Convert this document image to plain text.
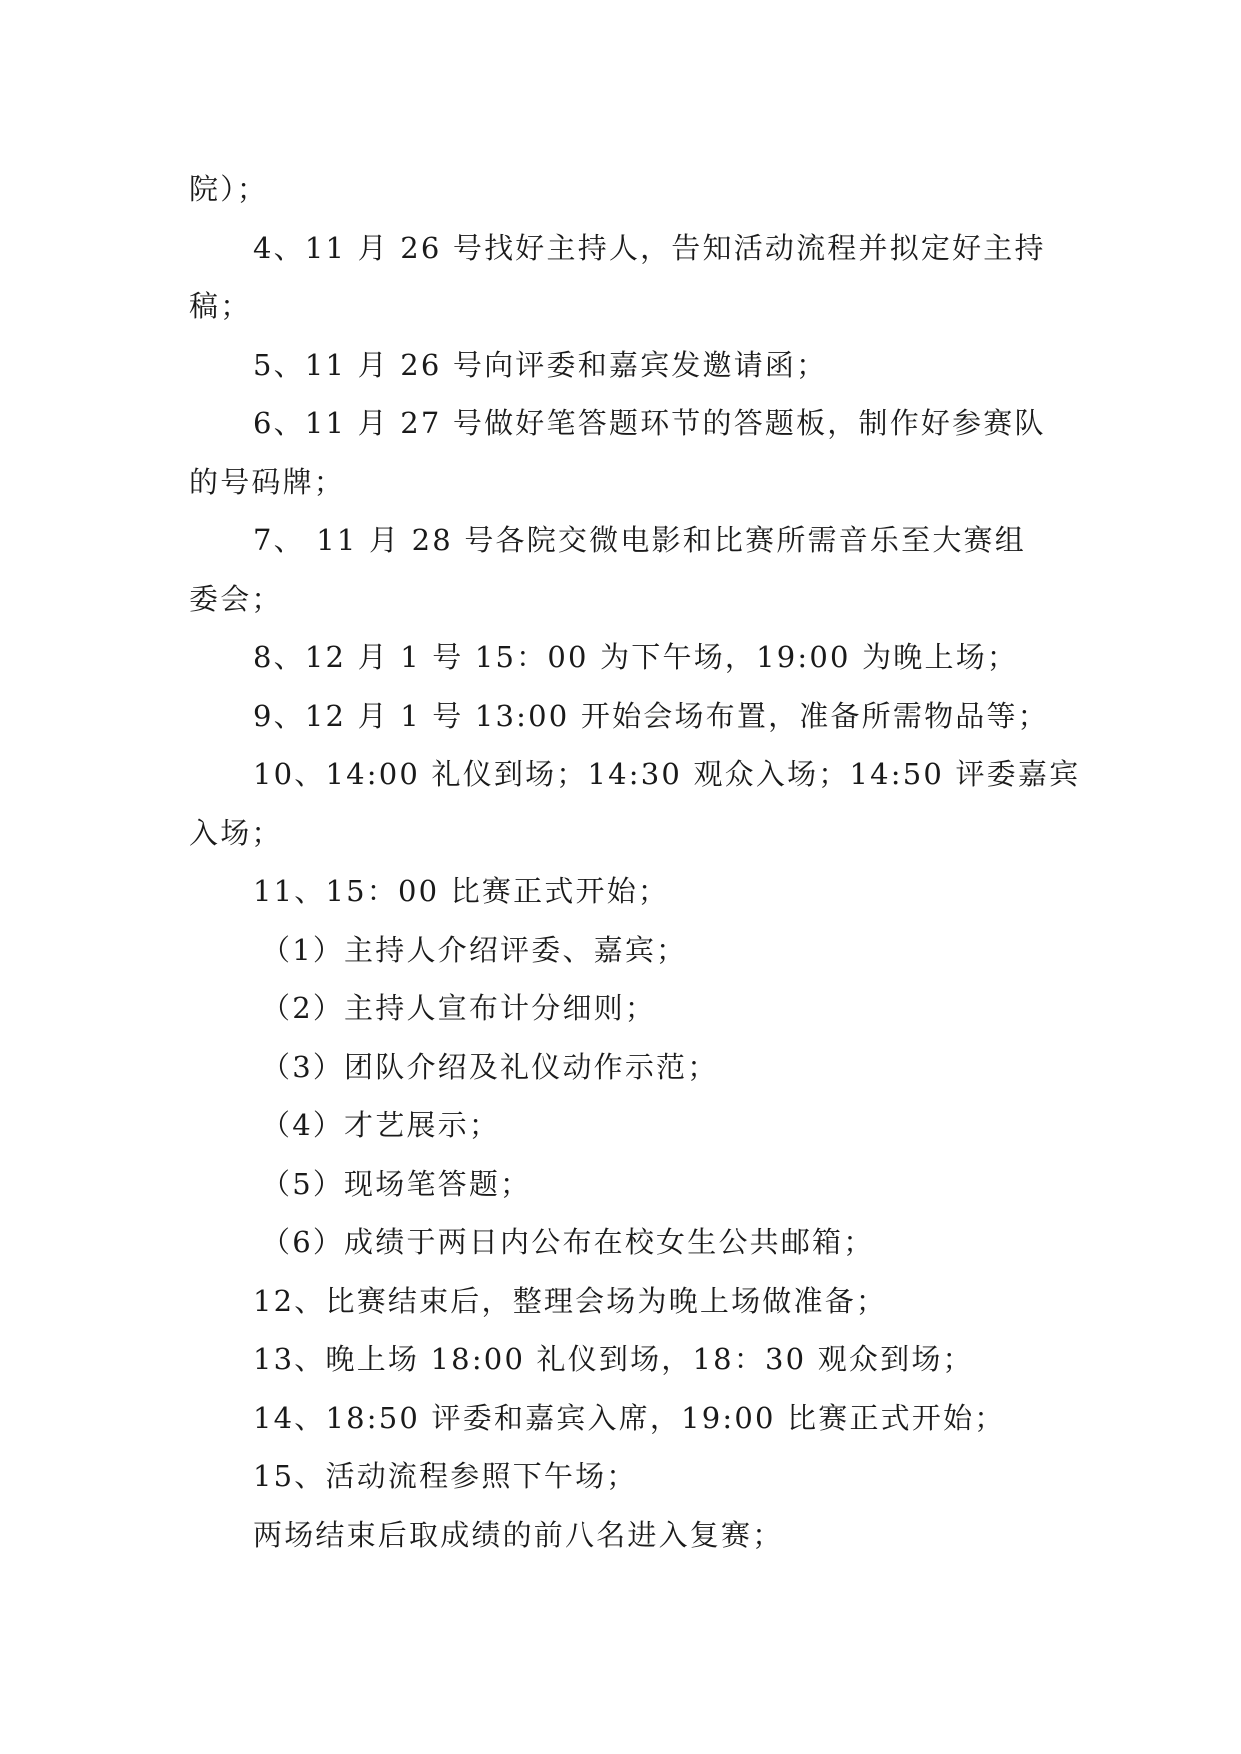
院）；
4、11 月 26 号找好主持人，告知活动流程并拟定好主持
稿；
5、11 月 26 号向评委和嘉宾发邀请函；
6、11 月 27 号做好笔答题环节的答题板，制作好参赛队
的号码牌；
7、 11 月 28 号各院交微电影和比赛所需音乐至大赛组
委会；
8、12 月 1 号 15：00 为下午场，19:00 为晚上场；
9、12 月 1 号 13:00 开始会场布置，准备所需物品等；
10、14:00 礼仪到场；14:30 观众入场；14:50 评委嘉宾
入场；
11、15：00 比赛正式开始；
（1）主持人介绍评委、嘉宾；
（2）主持人宣布计分细则；
（3）团队介绍及礼仪动作示范；
（4）才艺展示；
（5）现场笔答题；
（6）成绩于两日内公布在校女生公共邮箱；
12、比赛结束后，整理会场为晚上场做准备；
13、晚上场 18:00 礼仪到场，18：30 观众到场；
14、18:50 评委和嘉宾入席，19:00 比赛正式开始；
15、活动流程参照下午场；
两场结束后取成绩的前八名进入复赛；
